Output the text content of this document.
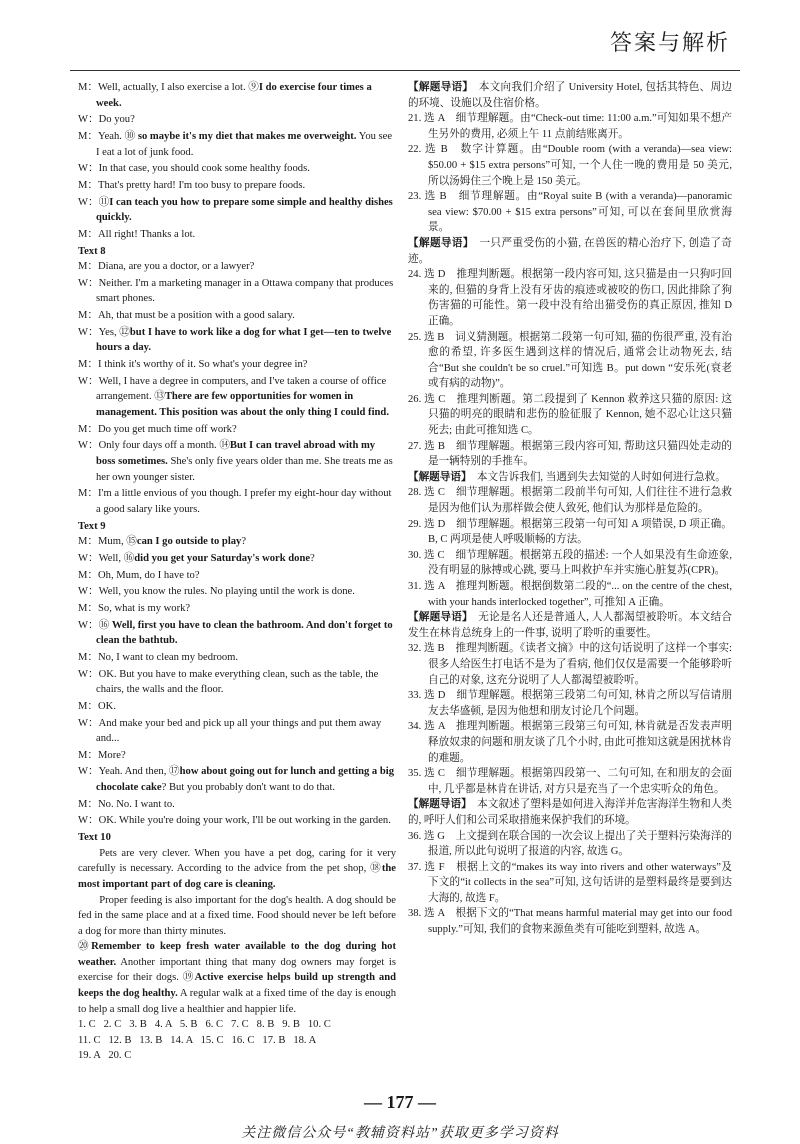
答案与解析
M：Well, actually, I also exercise a lot. ⑨I do exercise four times a week.
W：Do you?
M：Yeah. ⑩ so maybe it's my diet that makes me overweight. You see I eat a lot of junk food.
W：In that case, you should cook some healthy foods.
M：That's pretty hard! I'm too busy to prepare foods.
W：⑪I can teach you how to prepare some simple and healthy dishes quickly.
M：All right! Thanks a lot.
Text 8
M：Diana, are you a doctor, or a lawyer?
W：Neither. I'm a marketing manager in a Ottawa company that produces smart phones.
M：Ah, that must be a position with a good salary.
W：Yes, ⑫but I have to work like a dog for what I get—ten to twelve hours a day.
M：I think it's worthy of it. So what's your degree in?
W：Well, I have a degree in computers, and I've taken a course of office arrangement. ⑬There are few opportunities for women in management. This position was about the only thing I could find.
M：Do you get much time off work?
W：Only four days off a month. ⑭But I can travel abroad with my boss sometimes. She's only five years older than me. She treats me as her own younger sister.
M：I'm a little envious of you though. I prefer my eight-hour day without a good salary like yours.
Text 9
M：Mum, ⑮can I go outside to play?
W：Well, ⑯did you get your Saturday's work done?
M：Oh, Mum, do I have to?
W：Well, you know the rules. No playing until the work is done.
M：So, what is my work?
W：⑯ Well, first you have to clean the bathroom. And don't forget to clean the bathtub.
M：No, I want to clean my bedroom.
W：OK. But you have to make everything clean, such as the table, the chairs, the walls and the floor.
M：OK.
W：And make your bed and pick up all your things and put them away and...
M：More?
W：Yeah. And then, ⑰how about going out for lunch and getting a big chocolate cake? But you probably don't want to do that.
M：No. No. I want to.
W：OK. While you're doing your work, I'll be out working in the garden.
Text 10
Pets are very clever. When you have a pet dog, caring for it very carefully is necessary. According to the advice from the pet shop, ⑱the most important part of dog care is cleaning.
Proper feeding is also important for the dog's health. A dog should be fed in the same place and at a fixed time. Food should never be left before a dog for more than thirty minutes.
⑳Remember to keep fresh water available to the dog during hot weather. Another important thing that many dog owners may forget is exercise for their dogs. ⑲Active exercise helps build up strength and keeps the dog healthy. A regular walk at a fixed time of the day is enough to help a small dog live a healthier and happier life.
1. C   2. C   3. B   4. A   5. B   6. C   7. C   8. B   9. B   10. C
11. C   12. B   13. B   14. A   15. C   16. C   17. B   18. A
19. A   20. C
【解题导语】　本文向我们介绍了 University Hotel, 包括其特色、周边的环境、设施以及住宿价格。
21. 选 A　细节理解题。由“Check-out time: 11:00 a.m.”可知如果不想产生另外的费用, 必须上午 11 点前结账离开。
22. 选 B　数字计算题。由“Double room (with a veranda)—sea view: $50.00 + $15 extra persons”可知, 一个人住一晚的费用是 50 美元, 所以汤姆住三个晚上是 150 美元。
23. 选 B　细节理解题。由“Royal suite B (with a veranda)—panoramic sea view: $70.00 + $15 extra persons”可知, 可以在套间里欣赏海景。
【解题导语】　一只严重受伤的小猫, 在兽医的精心治疗下, 创造了奇迹。
24. 选 D　推理判断题。根据第一段内容可知, 这只猫是由一只狗叼回来的, 但猫的身背上没有牙齿的痕迹或被咬的伤口, 因此排除了狗伤害猫的可能性。第一段中没有给出猫受伤的真正原因, 推知 D 正确。
25. 选 B　词义猜测题。根据第二段第一句可知, 猫的伤很严重, 没有治愈的希望, 许多医生遇到这样的情况后, 通常会让动物死去, 结合“But she couldn't be so cruel.”可知选 B。put down “安乐死(衰老或有病的动物)”。
26. 选 C　推理判断题。第二段提到了 Kennon 救养这只猫的原因: 这只猫的明亮的眼睛和悲伤的脸征服了 Kennon, 她不忍心让这只猫死去; 由此可推知选 C。
27. 选 B　细节理解题。根据第三段内容可知, 帮助这只猫四处走动的是一辆特别的手推车。
【解题导语】　本文告诉我们, 当遇到失去知觉的人时如何进行急救。
28. 选 C　细节理解题。根据第二段前半句可知, 人们往往不进行急救是因为他们认为那样做会使人致死, 他们认为那样是危险的。
29. 选 D　细节理解题。根据第三段第一句可知 A 项错误, D 项正确。B, C 两项是使人呼吸顺畅的方法。
30. 选 C　细节理解题。根据第五段的描述: 一个人如果没有生命迹象, 没有明显的脉搏或心跳, 要马上叫救护车并实施心脏复苏(CPR)。
31. 选 A　推理判断题。根据倒数第二段的“... on the centre of the chest, with your hands interlocked together”, 可推知 A 正确。
【解题导语】　无论是名人还是普通人, 人人都渴望被聆听。本文结合发生在林肯总统身上的一件事, 说明了聆听的重要性。
32. 选 B　推理判断题。《读者文摘》中的这句话说明了这样一个事实: 很多人给医生打电话不是为了看病, 他们仅仅是需要一个能够聆听自己的对象, 这充分说明了人人都渴望被聆听。
33. 选 D　细节理解题。根据第三段第二句可知, 林肯之所以写信请朋友去华盛顿, 是因为他想和朋友讨论几个问题。
34. 选 A　推理判断题。根据第三段第三句可知, 林肯就是否发表声明释放奴隶的问题和朋友谈了几个小时, 由此可推知这就是困扰林肯的难题。
35. 选 C　细节理解题。根据第四段第一、二句可知, 在和朋友的会面中, 几乎都是林肯在讲话, 对方只是充当了一个忠实听众的角色。
【解题导语】　本文叙述了塑料是如何进入海洋并危害海洋生物和人类的, 呼吁人们和公司采取措施来保护我们的环境。
36. 选 G　上文提到在联合国的一次会议上提出了关于塑料污染海洋的报道, 所以此句说明了报道的内容, 故选 G。
37. 选 F　根据上文的“makes its way into rivers and other waterways”及下文的“it collects in the sea”可知, 这句话讲的是塑料最终是要到达大海的, 故选 F。
38. 选 A　根据下文的“That means harmful material may get into our food supply.”可知, 我们的食物来源鱼类有可能吃到塑料, 故选 A。
— 177 —
关注微信公众号“教辅资料站”获取更多学习资料
